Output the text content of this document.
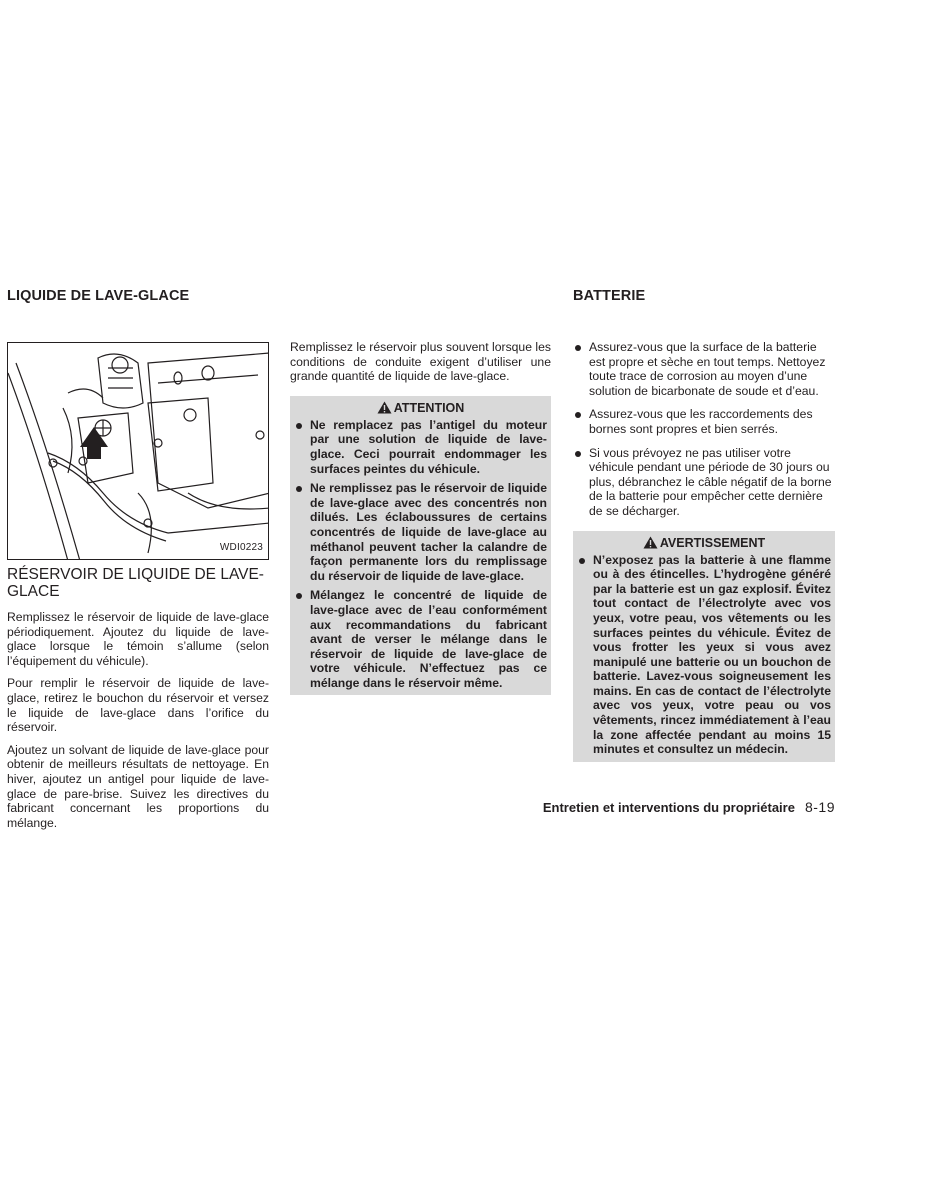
LIQUIDE DE LAVE-GLACE	BATTERIE
WDI0223
RÉSERVOIR DE LIQUIDE DE LAVE-GLACE

Remplissez le réservoir de liquide de lave-glace périodiquement. Ajoutez du liquide de lave-glace lorsque le témoin s’allume (selon l’équipement du véhicule).

Pour remplir le réservoir de liquide de lave-glace, retirez le bouchon du réservoir et versez le liquide de lave-glace dans l’orifice du réservoir.

Ajoutez un solvant de liquide de lave-glace pour obtenir de meilleurs résultats de nettoyage. En hiver, ajoutez un antigel pour liquide de lave-glace de pare-brise. Suivez les directives du fabricant concernant les proportions du mélange.

Remplissez le réservoir plus souvent lorsque les conditions de conduite exigent d’utiliser une grande quantité de liquide de lave-glace.

ATTENTION
Ne remplacez pas l’antigel du moteur par une solution de liquide de lave-glace. Ceci pourrait endommager les surfaces peintes du véhicule.
Ne remplissez pas le réservoir de liquide de lave-glace avec des concentrés non dilués. Les éclaboussures de certains concentrés de liquide de lave-glace au méthanol peuvent tacher la calandre de façon permanente lors du remplissage du réservoir de liquide de lave-glace.
Mélangez le concentré de liquide de lave-glace avec de l’eau conformément aux recommandations du fabricant avant de verser le mélange dans le réservoir de liquide de lave-glace de votre véhicule. N’effectuez pas ce mélange dans le réservoir même.
Assurez-vous que la surface de la batterie est propre et sèche en tout temps. Nettoyez toute trace de corrosion au moyen d’une solution de bicarbonate de soude et d’eau.
Assurez-vous que les raccordements des bornes sont propres et bien serrés.
Si vous prévoyez ne pas utiliser votre véhicule pendant une période de 30 jours ou plus, débranchez le câble négatif de la borne de la batterie pour empêcher cette dernière de se décharger.
AVERTISSEMENT
N’exposez pas la batterie à une flamme ou à des étincelles. L’hydrogène généré par la batterie est un gaz explosif. Évitez tout contact de l’électrolyte avec vos yeux, votre peau, vos vêtements ou les surfaces peintes du véhicule. Évitez de vous frotter les yeux si vous avez manipulé une batterie ou un bouchon de batterie. Lavez-vous soigneusement les mains. En cas de contact de l’électrolyte avec vos yeux, votre peau ou vos vêtements, rincez immédiatement à l’eau la zone affectée pendant au moins 15 minutes et consultez un médecin.
Entretien et interventions du propriétaire 8-19
